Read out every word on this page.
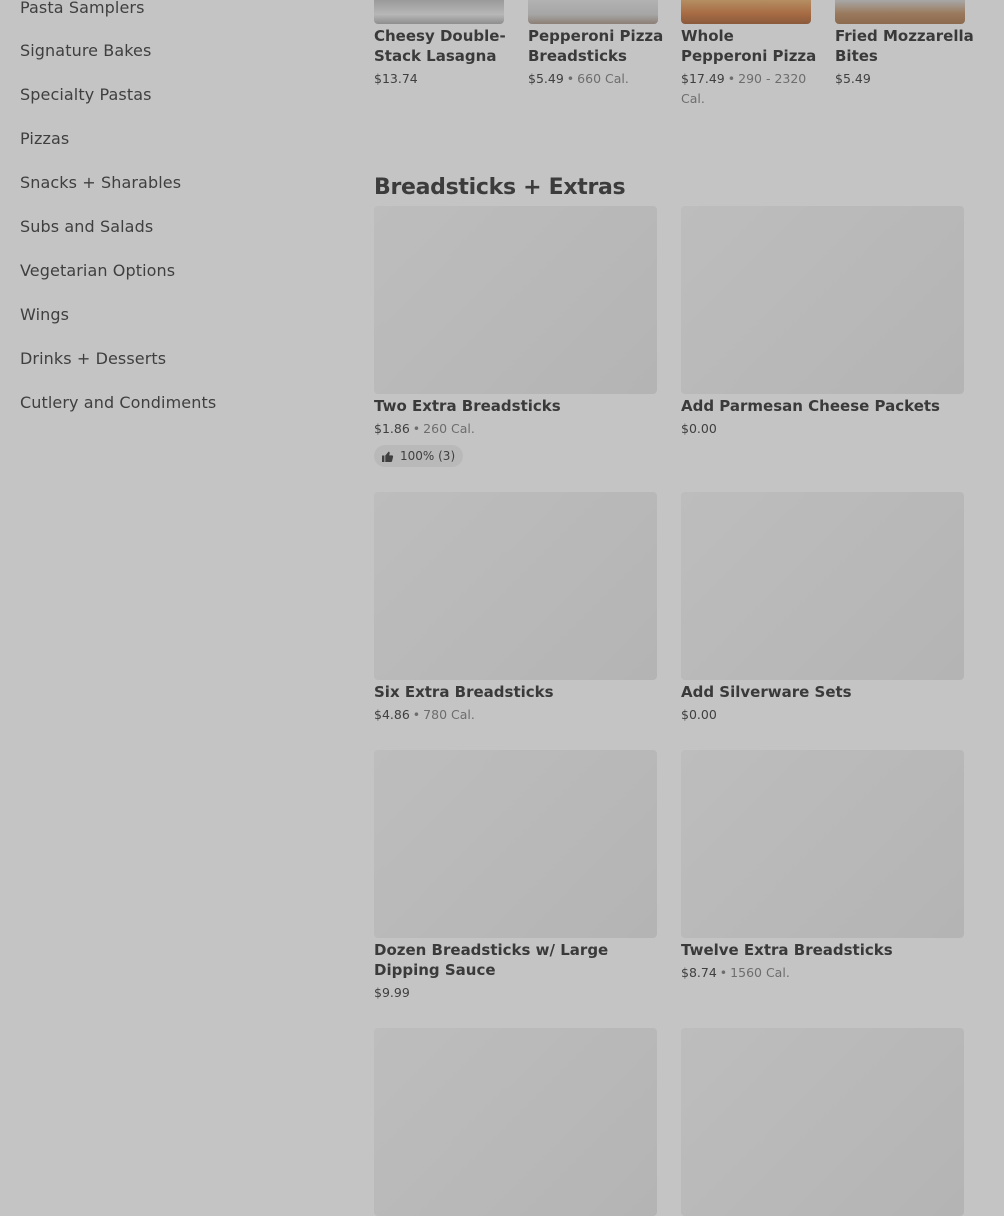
Pasta Samplers
Signature Bakes
Specialty Pastas
Pizzas
Snacks + Sharables
Subs and Salads
Vegetarian Options
Wings
Drinks + Desserts
Cutlery and Condiments
Cheesy Double-Stack Lasagna
$13.74
Pepperoni Pizza Breadsticks
$5.49 • 660 Cal.
Whole Pepperoni Pizza
$17.49 • 290 - 2320 Cal.
Fried Mozzarella Bites
$5.49
Breadsticks + Extras
Two Extra Breadsticks
$1.86 • 260 Cal.
100% (3)
Add Parmesan Cheese Packets
$0.00
Six Extra Breadsticks
$4.86 • 780 Cal.
Add Silverware Sets
$0.00
Dozen Breadsticks w/ Large Dipping Sauce
$9.99
Twelve Extra Breadsticks
$8.74 • 1560 Cal.
